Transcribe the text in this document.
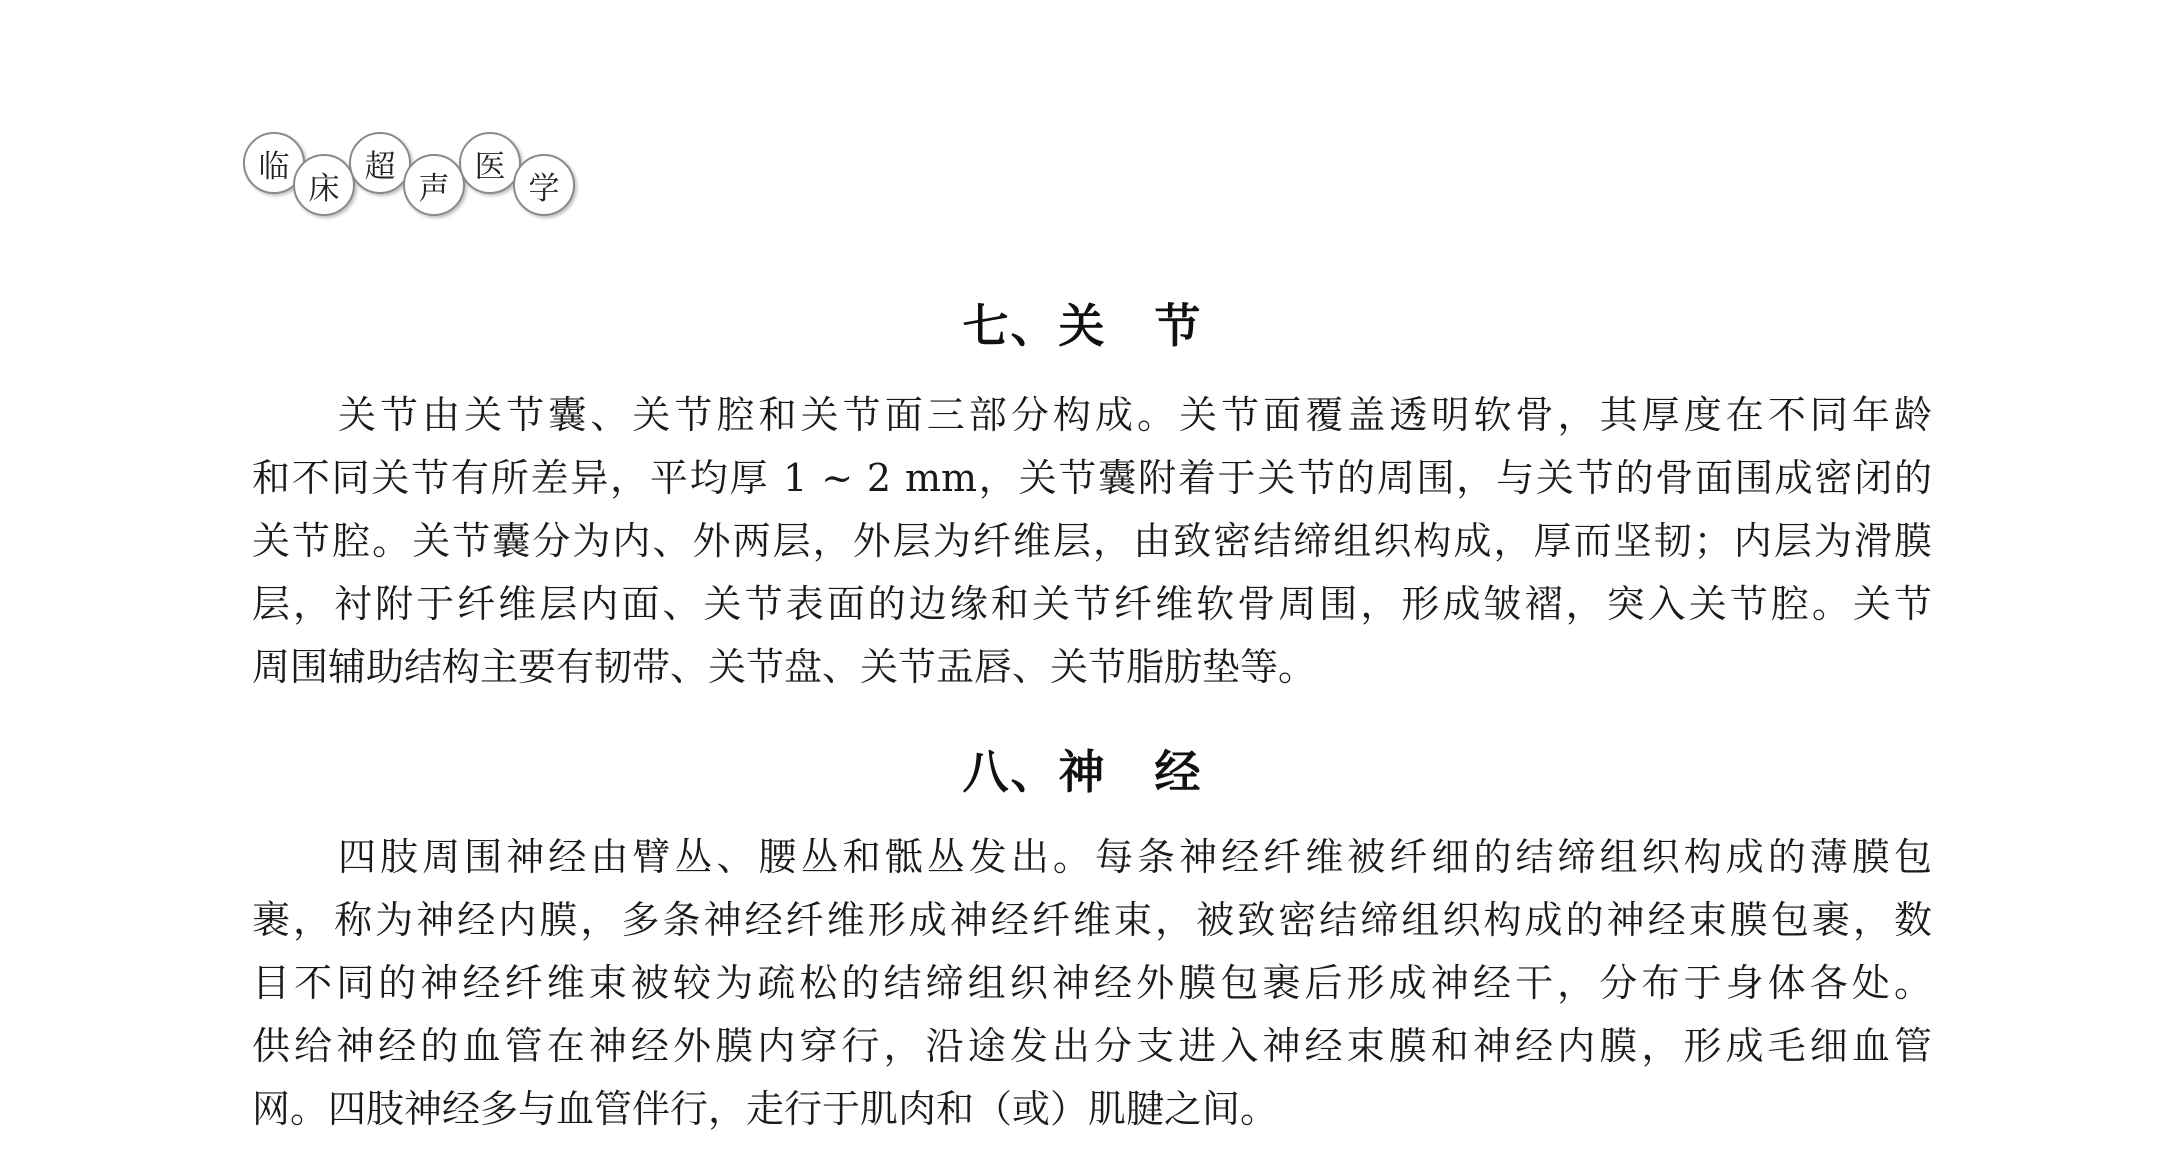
临
床
超
声
医
学
七、关　节
关节由关节囊、关节腔和关节面三部分构成。关节面覆盖透明软骨，其厚度在不同年龄
和不同关节有所差异，平均厚 1 ~ 2 mm，关节囊附着于关节的周围，与关节的骨面围成密闭的
关节腔。关节囊分为内、外两层，外层为纤维层，由致密结缔组织构成，厚而坚韧；内层为滑膜
层，衬附于纤维层内面、关节表面的边缘和关节纤维软骨周围，形成皱褶，突入关节腔。关节
周围辅助结构主要有韧带、关节盘、关节盂唇、关节脂肪垫等。
八、神　经
四肢周围神经由臂丛、腰丛和骶丛发出。每条神经纤维被纤细的结缔组织构成的薄膜包
裹，称为神经内膜，多条神经纤维形成神经纤维束，被致密结缔组织构成的神经束膜包裹，数
目不同的神经纤维束被较为疏松的结缔组织神经外膜包裹后形成神经干，分布于身体各处。
供给神经的血管在神经外膜内穿行，沿途发出分支进入神经束膜和神经内膜，形成毛细血管
网。四肢神经多与血管伴行，走行于肌肉和（或）肌腱之间。
